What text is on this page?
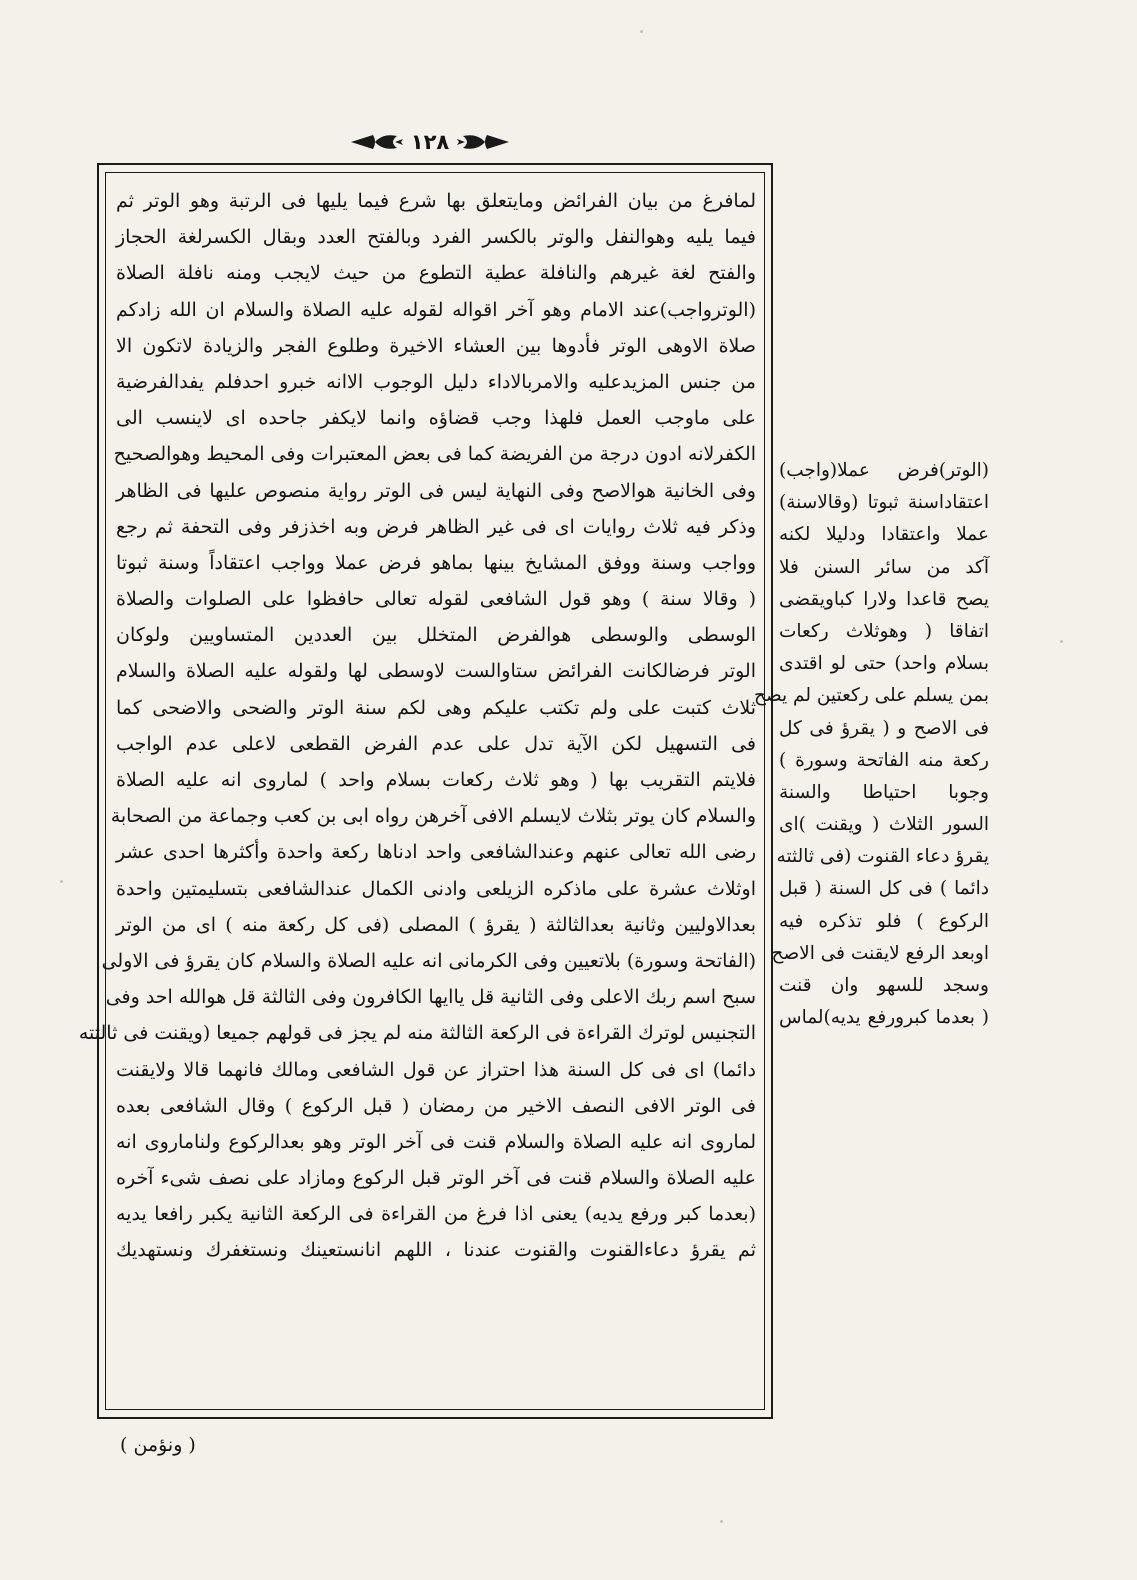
١٢٨
لمافرغ من بيان الفرائض ومايتعلق بها شرع فيما يليها فى الرتبة وهو الوتر ثم
فيما يليه وهوالنفل والوتر بالكسر الفرد وبالفتح العدد وبقال الكسرلغة الحجاز
والفتح لغة غيرهم والنافلة عطية التطوع من حيث لايجب ومنه نافلة الصلاة
(الوترواجب)عند الامام وهو آخر اقواله لقوله عليه الصلاة والسلام ان الله زادكم
صلاة الاوهى الوتر فأدوها بين العشاء الاخيرة وطلوع الفجر والزيادة لاتكون الا
من جنس المزيدعليه والامربالاداء دليل الوجوب الاانه خبرو احدفلم يفدالفرضية
على ماوجب العمل فلهذا وجب قضاؤه وانما لايكفر جاحده اى لاينسب الى
الكفرلانه ادون درجة من الفريضة كما فى بعض المعتبرات وفى المحيط وهوالصحيح
وفى الخانية هوالاصح وفى النهاية ليس فى الوتر رواية منصوص عليها فى الظاهر
وذكر فيه ثلاث روايات اى فى غير الظاهر فرض وبه اخذزفر وفى التحفة ثم رجع
وواجب وسنة ووفق المشايخ بينها بماهو فرض عملا وواجب اعتقاداً وسنة ثبوتا
( وقالا سنة ) وهو قول الشافعى لقوله تعالى حافظوا على الصلوات والصلاة
الوسطى والوسطى هوالفرض المتخلل بين العددين المتساويين ولوكان
الوتر فرضالكانت الفرائض ستاوالست لاوسطى لها ولقوله عليه الصلاة والسلام
ثلاث كتبت على ولم تكتب عليكم وهى لكم سنة الوتر والضحى والاضحى كما
فى التسهيل لكن الآية تدل على عدم الفرض القطعى لاعلى عدم الواجب
فلايتم التقريب بها ( وهو ثلاث ركعات بسلام واحد ) لماروى انه عليه الصلاة
والسلام كان يوتر بثلاث لايسلم الافى آخرهن رواه ابى بن كعب وجماعة من الصحابة
رضى الله تعالى عنهم وعندالشافعى واحد ادناها ركعة واحدة وأكثرها احدى عشر
اوثلاث عشرة على ماذكره الزيلعى وادنى الكمال عندالشافعى بتسليمتين واحدة
بعدالاوليين وثانية بعدالثالثة ( يقرؤ ) المصلى (فى كل ركعة منه ) اى من الوتر
(الفاتحة وسورة) بلاتعيين وفى الكرمانى انه عليه الصلاة والسلام كان يقرؤ فى الاولى
سبح اسم ربك الاعلى وفى الثانية قل ياايها الكافرون وفى الثالثة قل هوالله احد وفى
التجنيس لوترك القراءة فى الركعة الثالثة منه لم يجز فى قولهم جميعا (ويقنت فى ثالثته
دائما) اى فى كل السنة هذا احتراز عن قول الشافعى ومالك فانهما قالا ولايقنت
فى الوتر الافى النصف الاخير من رمضان ( قبل الركوع ) وقال الشافعى بعده
لماروى انه عليه الصلاة والسلام قنت فى آخر الوتر وهو بعدالركوع ولناماروى انه
عليه الصلاة والسلام قنت فى آخر الوتر قبل الركوع ومازاد على نصف شىء آخره
(بعدما كبر ورفع يديه) يعنى اذا فرغ من القراءة فى الركعة الثانية يكبر رافعا يديه
ثم يقرؤ دعاءالقنوت والقنوت عندنا ، اللهم انانستعينك ونستغفرك ونستهديك
(الوتر)فرض عملا(واجب)
اعتقاداسنة ثبوتا (وقالاسنة)
عملا واعتقادا ودليلا لكنه
آكد من سائر السنن فلا
يصح قاعدا ولارا كباويقضى
اتفاقا ( وهوثلاث ركعات
بسلام واحد) حتى لو اقتدى
بمن يسلم على ركعتين لم يصح
فى الاصح و ( يقرؤ فى كل
ركعة منه الفاتحة وسورة )
وجوبا احتياطا والسنة
السور الثلاث ( ويقنت )اى
يقرؤ دعاء القنوت (فى ثالثته
دائما ) فى كل السنة ( قبل
الركوع ) فلو تذكره فيه
اوبعد الرفع لايقنت فى الاصح
وسجد للسهو وان قنت
( بعدما كبرورفع يديه)لماس
( ونؤمن )
